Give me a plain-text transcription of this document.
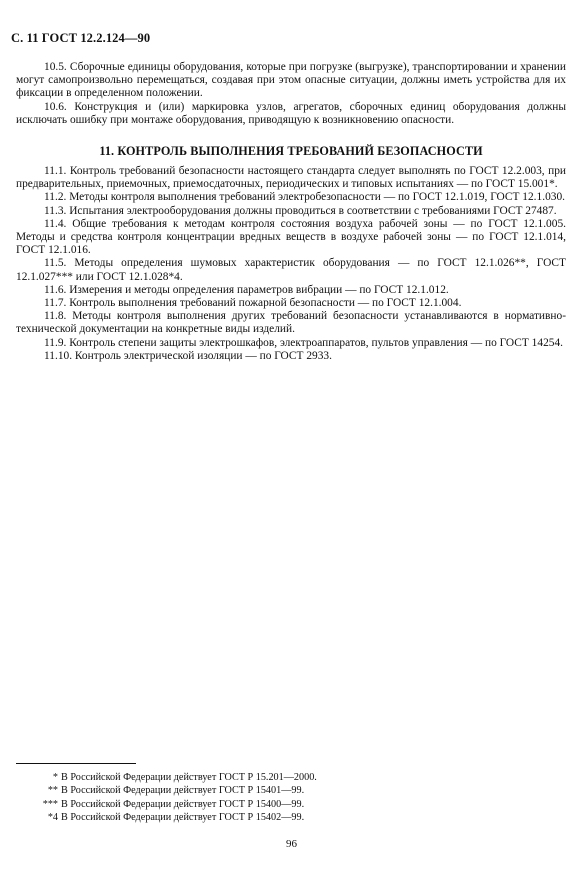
С. 11 ГОСТ 12.2.124—90

10.5. Сборочные единицы оборудования, которые при погрузке (выгрузке), транспортировании и хранении могут самопроизвольно перемещаться, создавая при этом опасные ситуации, должны иметь устройства для их фиксации в определенном положении.

10.6. Конструкция и (или) маркировка узлов, агрегатов, сборочных единиц оборудования должны исключать ошибку при монтаже оборудования, приводящую к возникновению опасности.

11. КОНТРОЛЬ ВЫПОЛНЕНИЯ ТРЕБОВАНИЙ БЕЗОПАСНОСТИ

11.1. Контроль требований безопасности настоящего стандарта следует выполнять по ГОСТ 12.2.003, при предварительных, приемочных, приемосдаточных, периодических и типовых испытаниях — по ГОСТ 15.001*.

11.2. Методы контроля выполнения требований электробезопасности — по ГОСТ 12.1.019, ГОСТ 12.1.030.

11.3. Испытания электрооборудования должны проводиться в соответствии с требованиями ГОСТ 27487.

11.4. Общие требования к методам контроля состояния воздуха рабочей зоны — по ГОСТ 12.1.005. Методы и средства контроля концентрации вредных веществ в воздухе рабочей зоны — по ГОСТ 12.1.014, ГОСТ 12.1.016.

11.5. Методы определения шумовых характеристик оборудования — по ГОСТ 12.1.026**, ГОСТ 12.1.027*** или ГОСТ 12.1.028*4.

11.6. Измерения и методы определения параметров вибрации — по ГОСТ 12.1.012.

11.7. Контроль выполнения требований пожарной безопасности — по ГОСТ 12.1.004.

11.8. Методы контроля выполнения других требований безопасности устанавливаются в нормативно-технической документации на конкретные виды изделий.

11.9. Контроль степени защиты электрошкафов, электроаппаратов, пультов управления — по ГОСТ 14254.

11.10. Контроль электрической изоляции — по ГОСТ 2933.

* В Российской Федерации действует ГОСТ Р 15.201—2000.
** В Российской Федерации действует ГОСТ Р 15401—99.
*** В Российской Федерации действует ГОСТ Р 15400—99.
*4 В Российской Федерации действует ГОСТ Р 15402—99.
96
